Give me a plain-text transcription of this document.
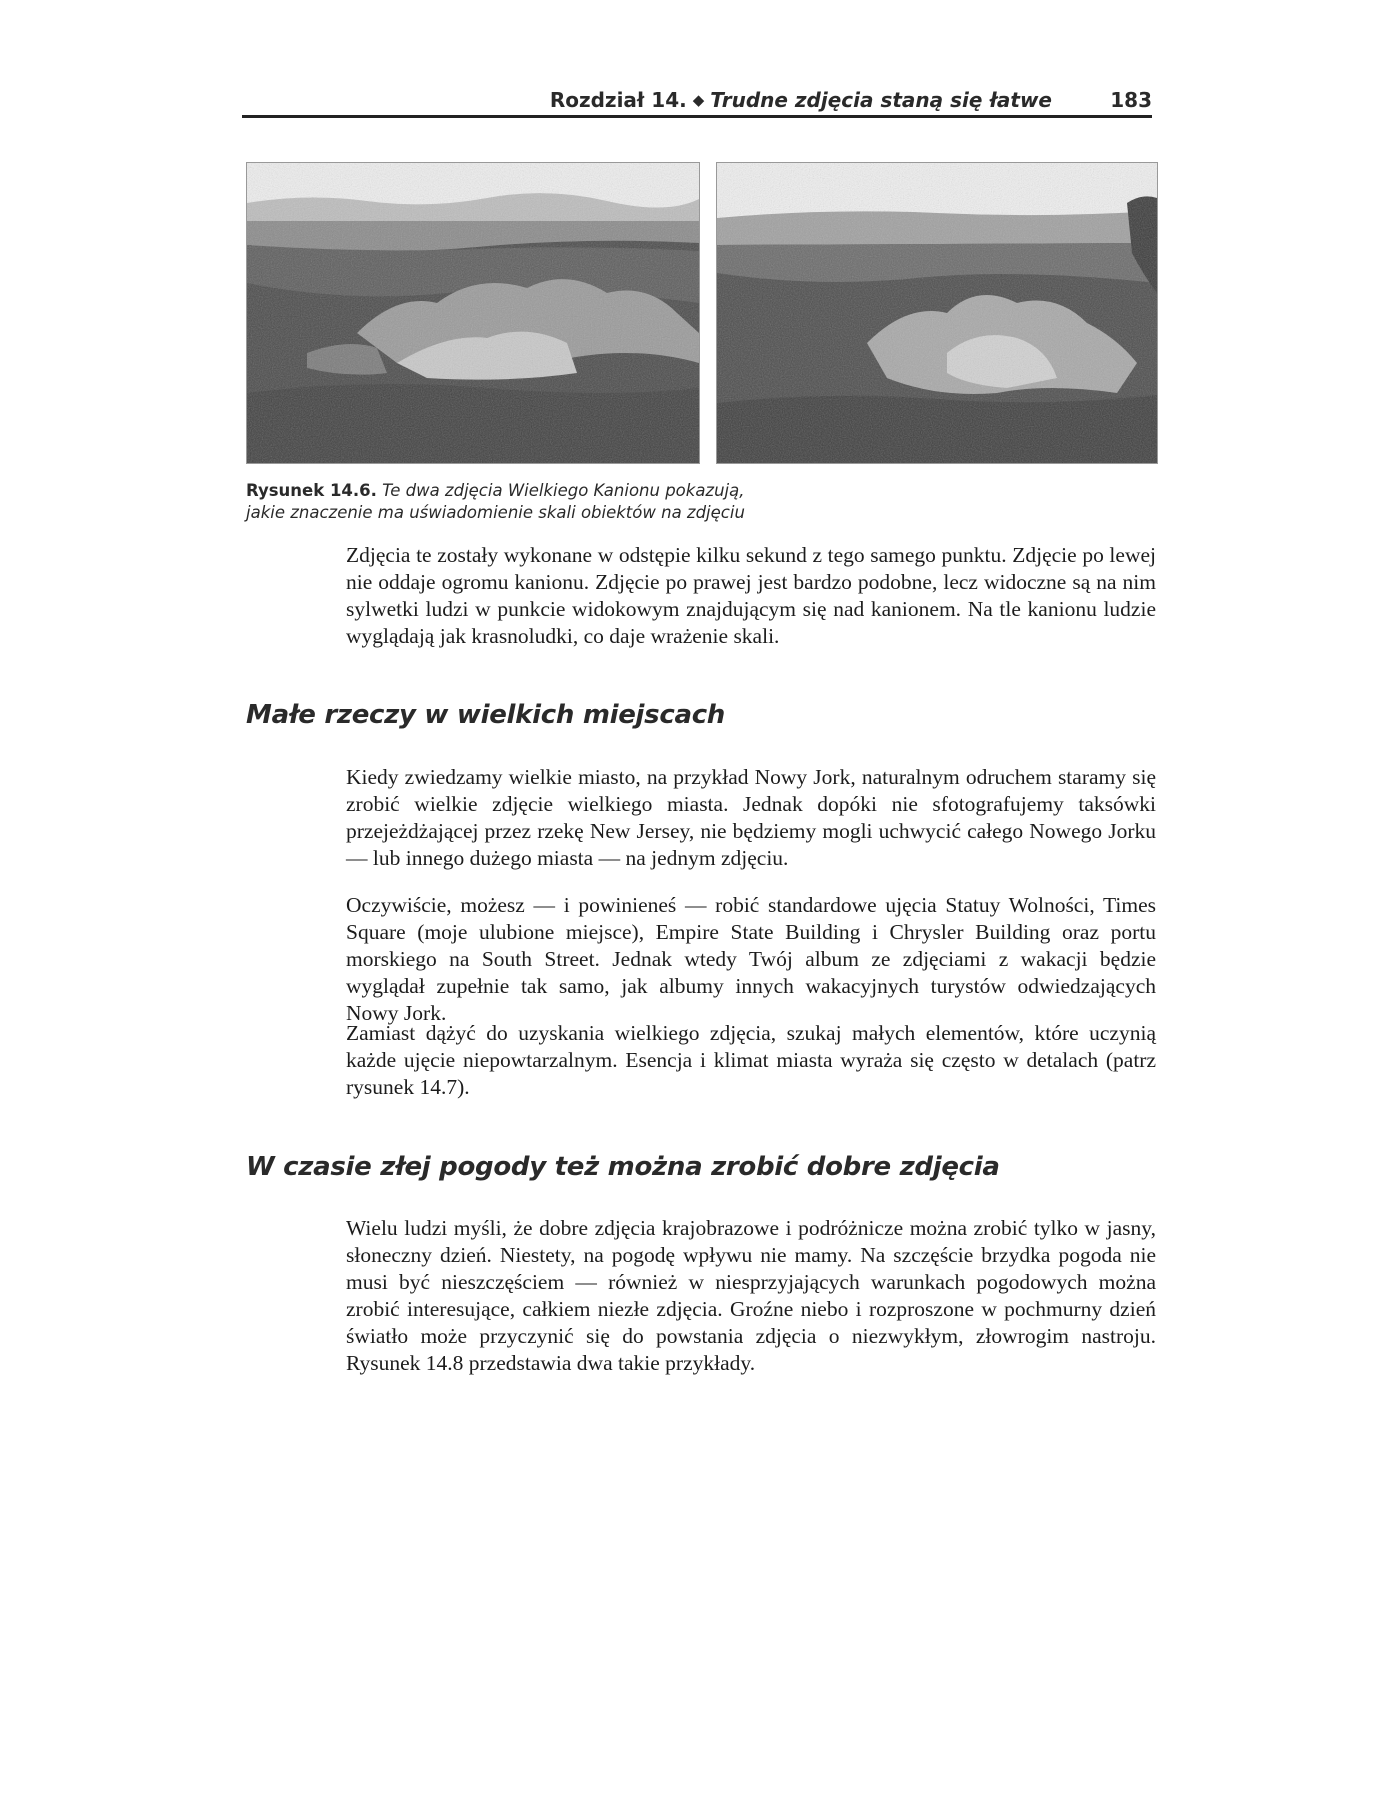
Rozdział 14. ◆ Trudne zdjęcia staną się łatwe	183
Rysunek 14.6. Te dwa zdjęcia Wielkiego Kanionu pokazują,
jakie znaczenie ma uświadomienie skali obiektów na zdjęciu

Zdjęcia te zostały wykonane w odstępie kilku sekund z tego samego punktu. Zdjęcie po lewej nie oddaje ogromu kanionu. Zdjęcie po prawej jest bardzo podobne, lecz widoczne są na nim sylwetki ludzi w punkcie widokowym znajdującym się nad kanionem. Na tle kanionu ludzie wyglądają jak krasnoludki, co daje wrażenie skali.

Małe rzeczy w wielkich miejscach

Kiedy zwiedzamy wielkie miasto, na przykład Nowy Jork, naturalnym odruchem staramy się zrobić wielkie zdjęcie wielkiego miasta. Jednak dopóki nie sfotografujemy taksówki przejeżdżającej przez rzekę New Jersey, nie będziemy mogli uchwycić całego Nowego Jorku — lub innego dużego miasta — na jednym zdjęciu.

Oczywiście, możesz — i powinieneś — robić standardowe ujęcia Statuy Wolności, Times Square (moje ulubione miejsce), Empire State Building i Chrysler Building oraz portu morskiego na South Street. Jednak wtedy Twój album ze zdjęciami z wakacji będzie wyglądał zupełnie tak samo, jak albumy innych wakacyjnych turystów odwiedzających Nowy Jork.

Zamiast dążyć do uzyskania wielkiego zdjęcia, szukaj małych elementów, które uczynią każde ujęcie niepowtarzalnym. Esencja i klimat miasta wyraża się często w detalach (patrz rysunek 14.7).

W czasie złej pogody też można zrobić dobre zdjęcia

Wielu ludzi myśli, że dobre zdjęcia krajobrazowe i podróżnicze można zrobić tylko w jasny, słoneczny dzień. Niestety, na pogodę wpływu nie mamy. Na szczęście brzydka pogoda nie musi być nieszczęściem — również w niesprzyjających warunkach pogodowych można zrobić interesujące, całkiem niezłe zdjęcia. Groźne niebo i rozproszone w pochmurny dzień światło może przyczynić się do powstania zdjęcia o niezwykłym, złowrogim nastroju. Rysunek 14.8 przedstawia dwa takie przykłady.
